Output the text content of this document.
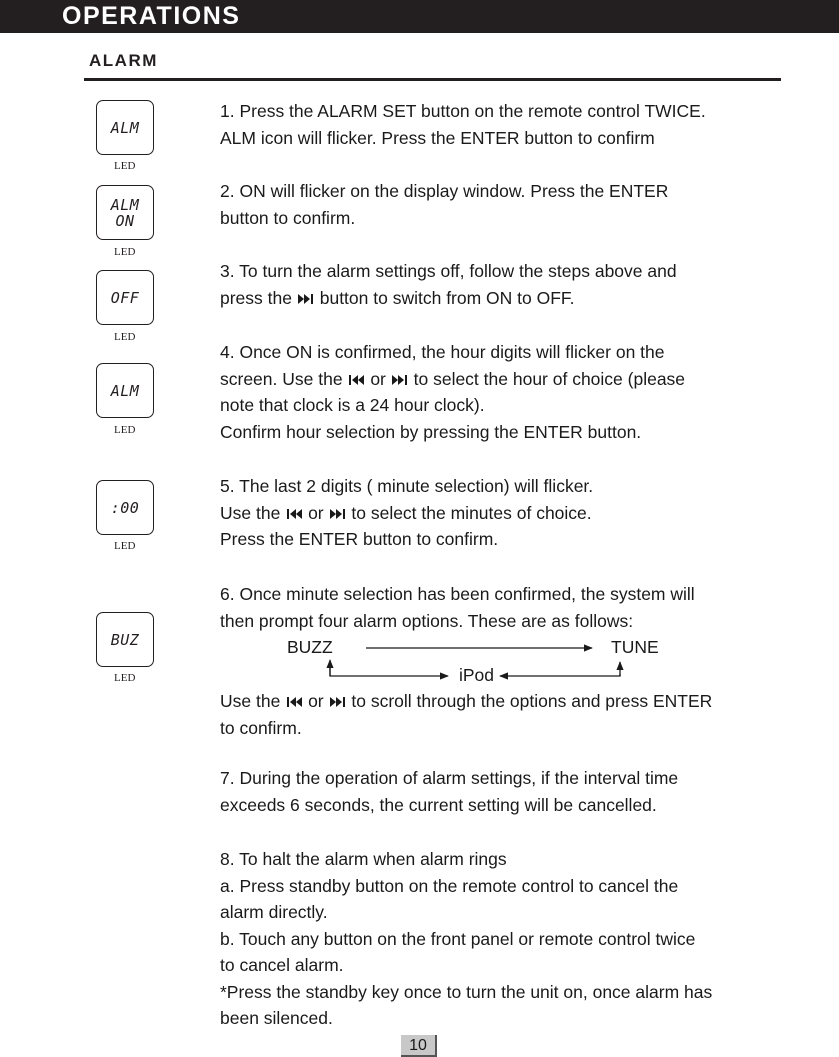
OPERATIONS
ALARM
ALM
LED
ALM
ON
LED
OFF
LED
ALM
LED
:00
LED
BUZ
LED
1. Press the ALARM SET button on the remote control TWICE.
ALM icon will flicker. Press the ENTER button to confirm
2. ON will flicker on the display window. Press the ENTER
button to confirm.
3. To turn the alarm settings off, follow the steps above and
press the button to switch from ON to OFF.
4. Once ON is confirmed, the hour digits will flicker on the
screen. Use the or to select the hour of choice (please
note that clock is a 24 hour clock).
Confirm hour selection by pressing the ENTER button.
5. The last 2 digits ( minute selection) will flicker.
Use the or to select the minutes of choice.
Press the ENTER button to confirm.
6. Once minute selection has been confirmed, the system will
then prompt four alarm options. These are as follows:
BUZZ	TUNE
iPod
Use the or to scroll through the options and press ENTER
to confirm.
7. During the operation of alarm settings, if the interval time
exceeds 6 seconds, the current setting will be cancelled.
8. To halt the alarm when alarm rings
a. Press standby button on the remote control to cancel the
alarm directly.
b. Touch any button on the front panel or remote control twice
to cancel alarm.
*Press the standby key once to turn the unit on, once alarm has
been silenced.
10
